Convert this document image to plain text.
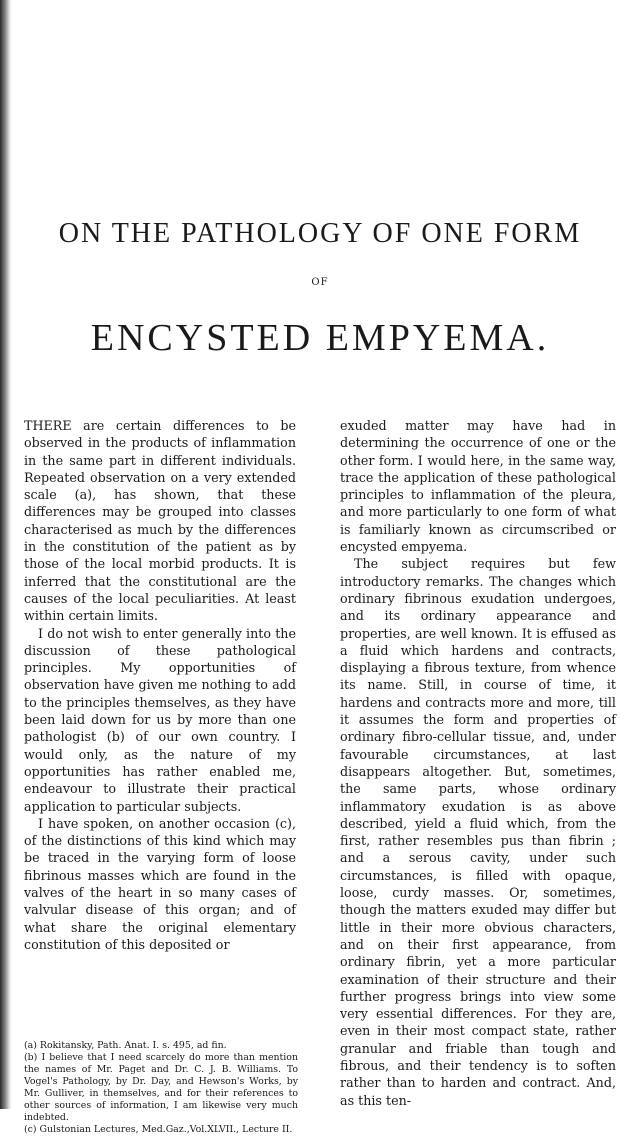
ON THE PATHOLOGY OF ONE FORM
OF
ENCYSTED EMPYEMA.

THERE are certain differences to be observed in the products of inflammation in the same part in different individuals. Repeated observation on a very extended scale (a), has shown, that these differences may be grouped into classes characterised as much by the differences in the constitution of the patient as by those of the local morbid products. It is inferred that the constitutional are the causes of the local peculiarities. At least within certain limits.

I do not wish to enter generally into the discussion of these pathological principles. My opportunities of observation have given me nothing to add to the principles themselves, as they have been laid down for us by more than one pathologist (b) of our own country. I would only, as the nature of my opportunities has rather enabled me, endeavour to illustrate their practical application to particular subjects.

I have spoken, on another occasion (c), of the distinctions of this kind which may be traced in the varying form of loose fibrinous masses which are found in the valves of the heart in so many cases of valvular disease of this organ; and of what share the original elementary constitution of this deposited or

(a) Rokitansky, Path. Anat. I. s. 495, ad fin.

(b) I believe that I need scarcely do more than mention the names of Mr. Paget and Dr. C. J. B. Williams. To Vogel's Pathology, by Dr. Day, and Hewson's Works, by Mr. Gulliver, in themselves, and for their references to other sources of information, I am likewise very much indebted.

(c) Gulstonian Lectures, Med.Gaz.,Vol.XLVII., Lecture II.

exuded matter may have had in determining the occurrence of one or the other form. I would here, in the same way, trace the application of these pathological principles to inflammation of the pleura, and more particularly to one form of what is familiarly known as circumscribed or encysted empyema.

The subject requires but few introductory remarks. The changes which ordinary fibrinous exudation undergoes, and its ordinary appearance and properties, are well known. It is effused as a fluid which hardens and contracts, displaying a fibrous texture, from whence its name. Still, in course of time, it hardens and contracts more and more, till it assumes the form and properties of ordinary fibro-cellular tissue, and, under favourable circumstances, at last disappears altogether. But, sometimes, the same parts, whose ordinary inflammatory exudation is as above described, yield a fluid which, from the first, rather resembles pus than fibrin ; and a serous cavity, under such circumstances, is filled with opaque, loose, curdy masses. Or, sometimes, though the matters exuded may differ but little in their more obvious characters, and on their first appearance, from ordinary fibrin, yet a more particular examination of their structure and their further progress brings into view some very essential differences. For they are, even in their most compact state, rather granular and friable than tough and fibrous, and their tendency is to soften rather than to harden and contract. And, as this ten-
